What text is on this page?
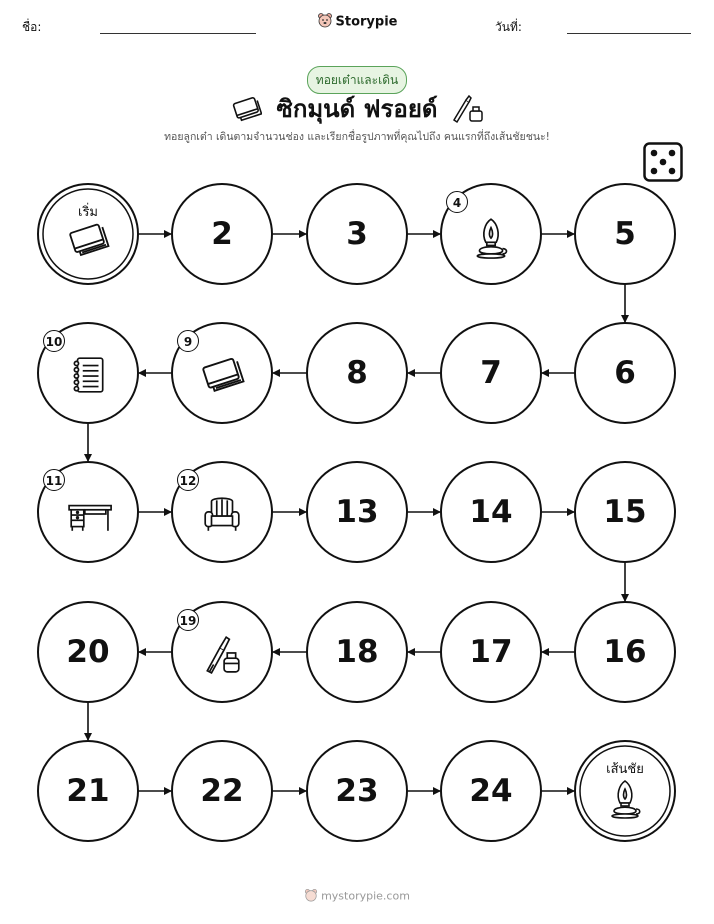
ชื่อ:	Storypie	วันที่:
ทอยเต๋าและเดิน
ซิกมุนด์ ฟรอยด์
ทอยลูกเต๋า เดินตามจำนวนช่อง และเรียกชื่อรูปภาพที่คุณไปถึง คนแรกที่ถึงเส้นชัยชนะ!
เริ่ม
2	3
4
5
6
7
8
9
10
11	12
13	14	15
16
17
18
19
20
21	22	23	24
เส้นชัย
mystorypie.com
